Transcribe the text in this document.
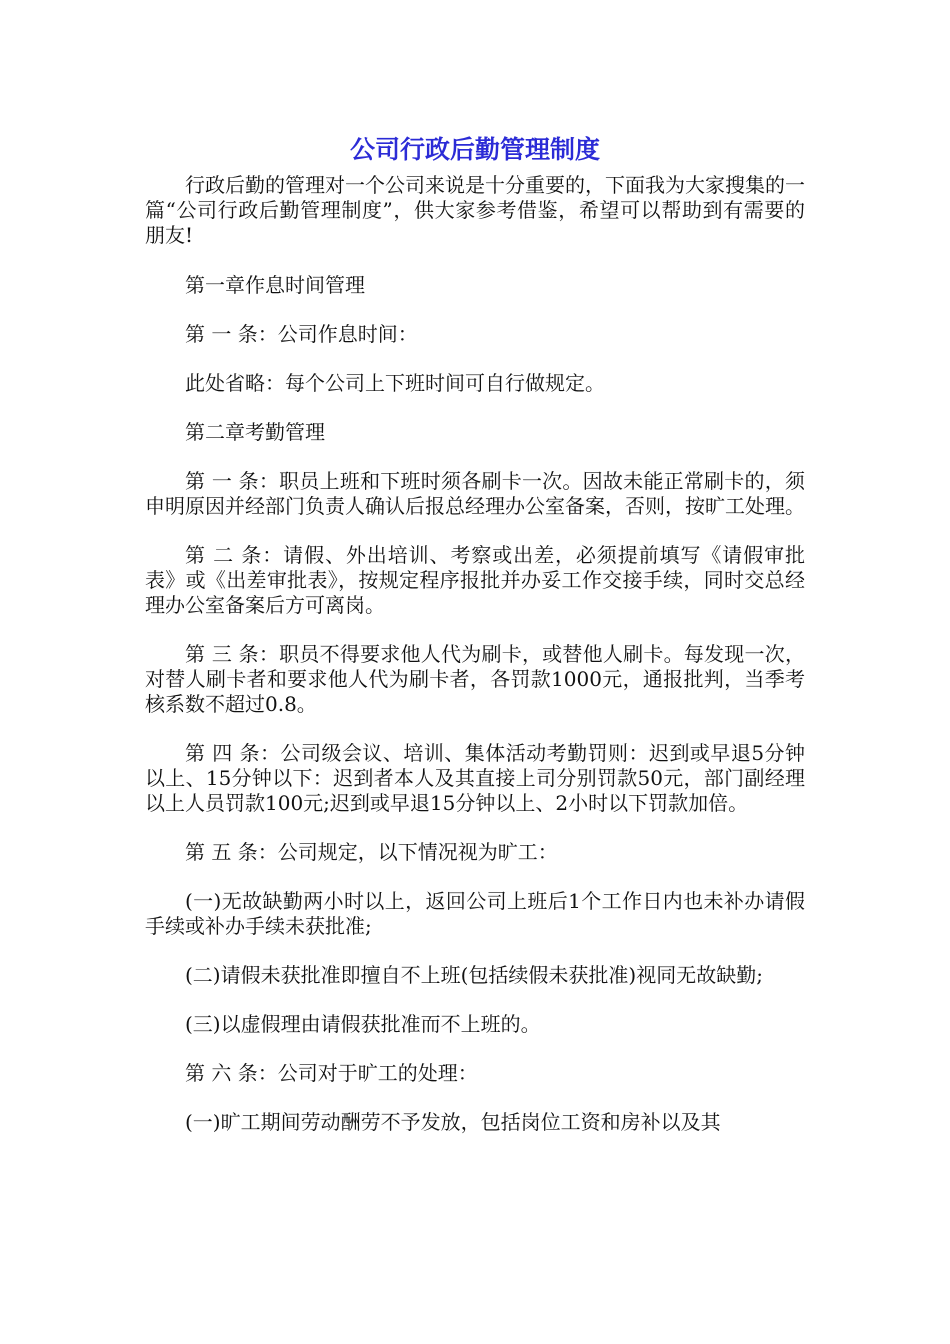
公司行政后勤管理制度

行政后勤的管理对一个公司来说是十分重要的，下面我为大家搜集的一篇“公司行政后勤管理制度”，供大家参考借鉴，希望可以帮助到有需要的朋友!

第一章作息时间管理

第 一 条：公司作息时间：

此处省略：每个公司上下班时间可自行做规定。

第二章考勤管理

第 一 条：职员上班和下班时须各刷卡一次。因故未能正常刷卡的，须申明原因并经部门负责人确认后报总经理办公室备案，否则，按旷工处理。

第 二 条：请假、外出培训、考察或出差，必须提前填写《请假审批表》或《出差审批表》，按规定程序报批并办妥工作交接手续，同时交总经理办公室备案后方可离岗。

第 三 条：职员不得要求他人代为刷卡，或替他人刷卡。每发现一次，对替人刷卡者和要求他人代为刷卡者，各罚款1000元，通报批判，当季考核系数不超过0.8。

第 四 条：公司级会议、培训、集体活动考勤罚则：迟到或早退5分钟以上、15分钟以下：迟到者本人及其直接上司分别罚款50元，部门副经理以上人员罚款100元;迟到或早退15分钟以上、2小时以下罚款加倍。

第 五 条：公司规定，以下情况视为旷工：

(一)无故缺勤两小时以上，返回公司上班后1个工作日内也未补办请假手续或补办手续未获批准;

(二)请假未获批准即擅自不上班(包括续假未获批准)视同无故缺勤;

(三)以虚假理由请假获批准而不上班的。

第 六 条：公司对于旷工的处理：

(一)旷工期间劳动酬劳不予发放，包括岗位工资和房补以及其
